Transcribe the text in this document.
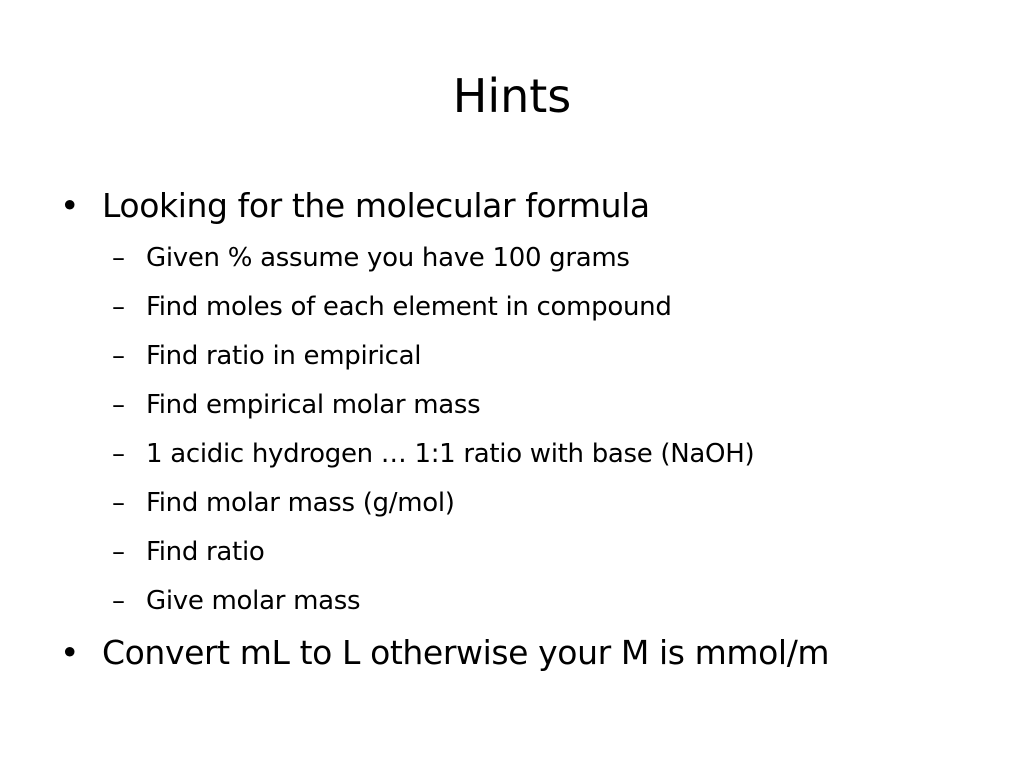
Hints
• Looking for the molecular formula
– Given % assume you have 100 grams
– Find moles of each element in compound
– Find ratio in empirical
– Find empirical molar mass
– 1 acidic hydrogen … 1:1 ratio with base (NaOH)
– Find molar mass (g/mol)
– Find ratio
– Give molar mass
• Convert mL to L otherwise your M is mmol/m
